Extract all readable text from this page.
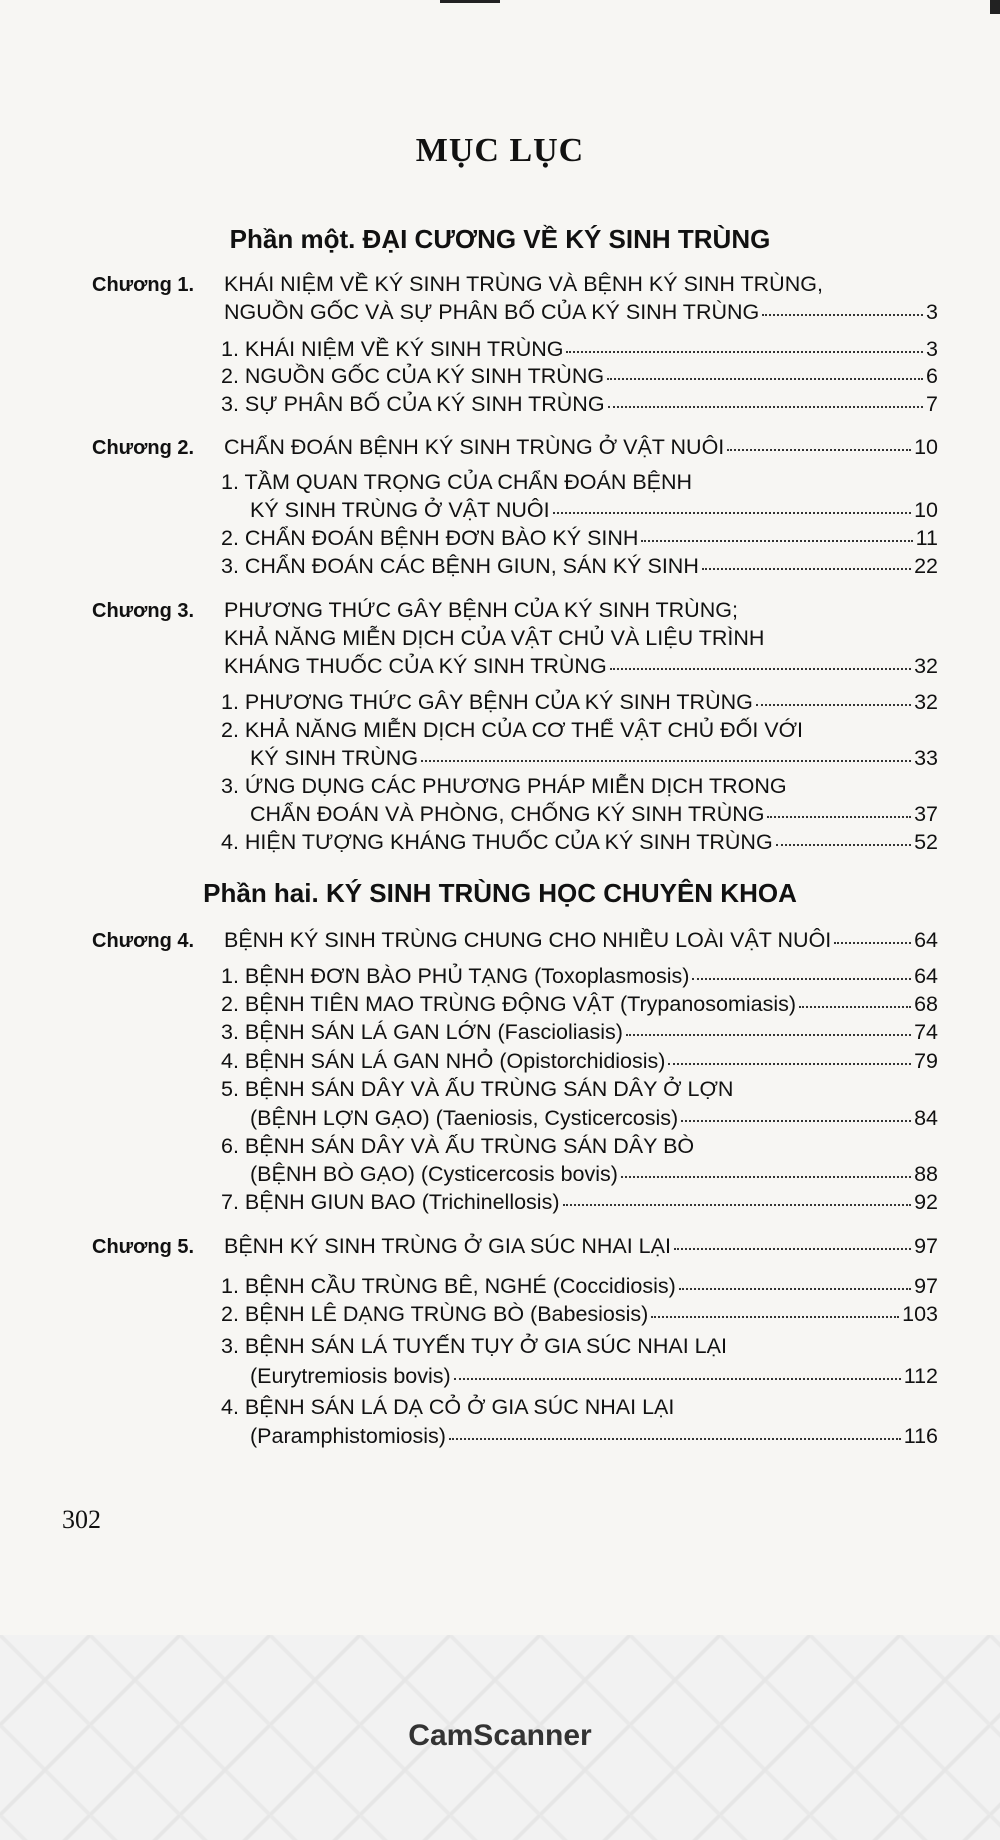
MỤC LỤC
Phần một. ĐẠI CƯƠNG VỀ KÝ SINH TRÙNG
Chương 1. KHÁI NIỆM VỀ KÝ SINH TRÙNG VÀ BỆNH KÝ SINH TRÙNG,
NGUỒN GỐC VÀ SỰ PHÂN BỐ CỦA KÝ SINH TRÙNG	3
1. KHÁI NIỆM VỀ KÝ SINH TRÙNG	3
2. NGUỒN GỐC CỦA KÝ SINH TRÙNG	6
3. SỰ PHÂN BỐ CỦA KÝ SINH TRÙNG	7
Chương 2.	CHẨN ĐOÁN BỆNH KÝ SINH TRÙNG Ở VẬT NUÔI	10
1. TẦM QUAN TRỌNG CỦA CHẨN ĐOÁN BỆNH
KÝ SINH TRÙNG Ở VẬT NUÔI	10
2. CHẨN ĐOÁN BỆNH ĐƠN BÀO KÝ SINH	11
3. CHẨN ĐOÁN CÁC BỆNH GIUN, SÁN KÝ SINH	22
Chương 3. PHƯƠNG THỨC GÂY BỆNH CỦA KÝ SINH TRÙNG;
KHẢ NĂNG MIỄN DỊCH CỦA VẬT CHỦ VÀ LIỆU TRÌNH
KHÁNG THUỐC CỦA KÝ SINH TRÙNG	32
1. PHƯƠNG THỨC GÂY BỆNH CỦA KÝ SINH TRÙNG	32
2. KHẢ NĂNG MIỄN DỊCH CỦA CƠ THỂ VẬT CHỦ ĐỐI VỚI
KÝ SINH TRÙNG	33
3. ỨNG DỤNG CÁC PHƯƠNG PHÁP MIỄN DỊCH TRONG
CHẨN ĐOÁN VÀ PHÒNG, CHỐNG KÝ SINH TRÙNG	37
4. HIỆN TƯỢNG KHÁNG THUỐC CỦA KÝ SINH TRÙNG	52
Phần hai. KÝ SINH TRÙNG HỌC CHUYÊN KHOA
Chương 4.	BỆNH KÝ SINH TRÙNG CHUNG CHO NHIỀU LOÀI VẬT NUÔI	64
1. BỆNH ĐƠN BÀO PHỦ TẠNG (Toxoplasmosis)	64
2. BỆNH TIÊN MAO TRÙNG ĐỘNG VẬT (Trypanosomiasis)	68
3. BỆNH SÁN LÁ GAN LỚN (Fascioliasis)	74
4. BỆNH SÁN LÁ GAN NHỎ (Opistorchidiosis)	79
5. BỆNH SÁN DÂY VÀ ẤU TRÙNG SÁN DÂY Ở LỢN
(BỆNH LỢN GẠO) (Taeniosis, Cysticercosis)	84
6. BỆNH SÁN DÂY VÀ ẤU TRÙNG SÁN DÂY BÒ
(BỆNH BÒ GẠO) (Cysticercosis bovis)	88
7. BỆNH GIUN BAO (Trichinellosis)	92
Chương 5.	BỆNH KÝ SINH TRÙNG Ở GIA SÚC NHAI LẠI	97
1. BỆNH CẦU TRÙNG BÊ, NGHÉ (Coccidiosis)	97
2. BỆNH LÊ DẠNG TRÙNG BÒ (Babesiosis)	103
3. BỆNH SÁN LÁ TUYẾN TỤY Ở GIA SÚC NHAI LẠI
(Eurytremiosis bovis)	112
4. BỆNH SÁN LÁ DẠ CỎ Ở GIA SÚC NHAI LẠI
(Paramphistomiosis)	116
302
CamScanner
